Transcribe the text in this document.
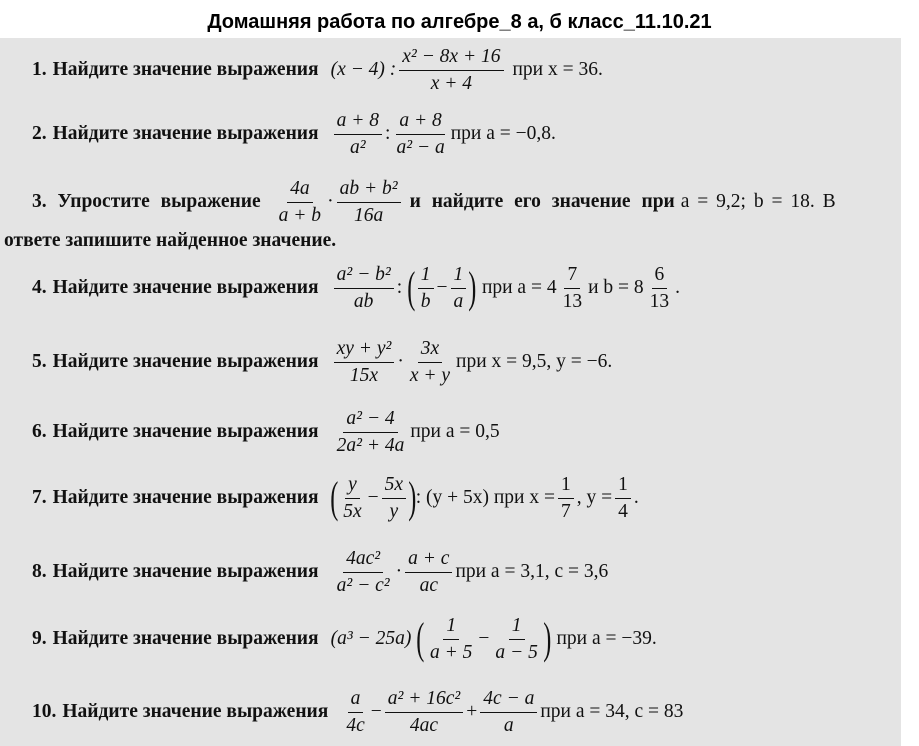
Домашняя работа по алгебре_8 а, б класс_11.10.21
1. Найдите значение выражения (x − 4) : $\frac{\text{x² − 8x + 16}}{x + 4}$ при x = 36.
2. Найдите значение выражения $\frac{a + 8}{\text{a²}}$ : $\frac{a + 8}{\text{a² − a}}$ при a = −0,8.
3 . Упростите выражение $\frac{4a}{a + b} \cdot \frac{\text{ab + b²}}{16a}$ и найдите его значение при a = 9,2; b = 18. В
ответе запишите найденное значение.
4. Найдите значение выражения $\frac{\text{a² − b²}}{ab}$ : ( $\frac{1}{b} - \frac{1}{a}$ ) при $a = 4 \frac{7}{13}$ и $b = 8 \frac{6}{13}$ .
5. Найдите значение выражения $\frac{\text{xy + y²}}{15x} \cdot \frac{3x}{x + y}$ при x = 9,5, y = −6.
6. Найдите значение выражения $\frac{\text{a² − 4}}{\text{2a² + 4a}}$ при a = 0,5
7. Найдите значение выражения ( $\frac{y}{5x} - \frac{5x}{y}$ ) : (y + 5x) при $x = \frac{1}{7}$ , $y = \frac{1}{4}$ .
8. Найдите значение выражения $\frac{\text{4ac²}}{\text{a² − c²}} \cdot \frac{a + c}{ac}$ при a = 3,1, c = 3,6
9. Найдите значение выражения (a³ − 25a) ( $\frac{1}{a + 5} - \frac{1}{a - 5}$ ) при a = −39.
10. Найдите значение выражения $\frac{a}{4c} - \frac{\text{a² + 16c²}}{4ac} + \frac{4c - a}{a}$ при a = 34, c = 83
